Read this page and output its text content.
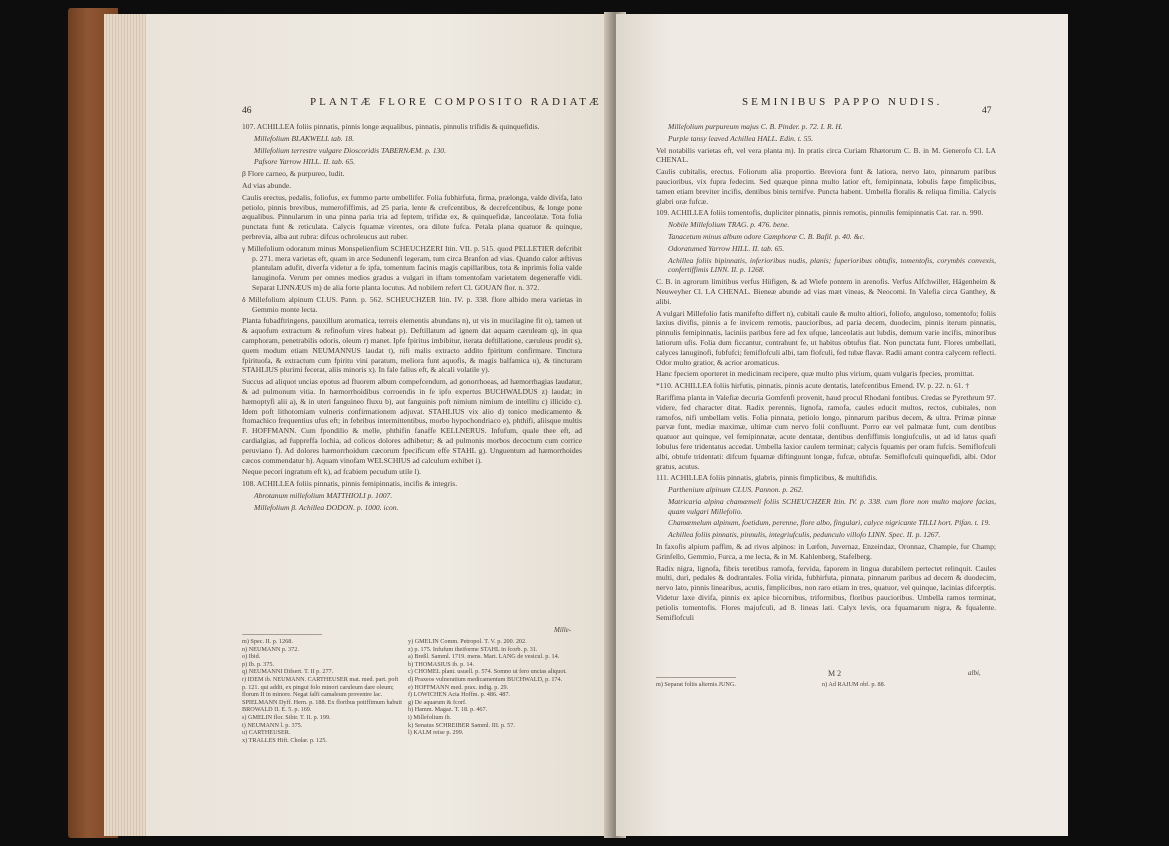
46
PLANTÆ FLORE COMPOSITO RADIATÆ

107. ACHILLEA foliis pinnatis, pinnis longe æqualibus, pinnatis, pinnulis trifidis & quinquefidis.

Millefolium BLAKWELL tab. 18.

Millefolium terrestre vulgare Dioscoridis TABERNÆM. p. 130.

Pafsore Yarrow HILL. II. tab. 65.

β Flore carneo, & purpureo, ludit.

Ad vias abunde.

Caulis erectus, pedalis, foliofus, ex fummo parte umbellifer. Folia fubhirfuta, firma, prælonga, valde divifa, lato petiolo, pinnis brevibus, numerofiffimis, ad 25 paria, lente & crefcentibus, & decrefcentibus, & longe pone æqualibus. Pinnularum in una pinna paria tria ad feptem, trifidæ ex, & quinquefidæ, lanceolatæ. Tota folia punctata funt & reticulata. Calycis fquamæ virentes, ora dilute fufca. Petala plana quatuor & quinque, perbrevia, alba aut rubra: difcus ochroleucus aut ruber.

γ Millefolium odoratum minus Monspelienfium SCHEUCHZERI Itin. VII. p. 515. quod PELLETIER defcribit p. 271. mera varietas eft, quam in arce Sedunenfi legeram, tum circa Branfon ad vias. Quando calor æftivus plantulam adufit, diverfa videtur a fe ipfa, tomentum facinis magis capillaribus, tota & inprimis folia valde lanuginofa. Verum per omnes medios gradus a vulgari in iftam tomentofam varietatem degeneraffe vidi. Separat LINNÆUS m) de alia forte planta locutus. Ad nobilem refert Cl. GOUAN flor. n. 372.

δ Millefolium alpinum CLUS. Pann. p. 562. SCHEUCHZER Itin. IV. p. 338. flore albido mera varietas in Gemmio monte lecta.

Planta fubadftringens, pauxillum aromatica, terreis elementis abundans n), ut vis in mucilagine fit o), tamen ut & aquofum extractum & refinofum vires habeat p). Deftillatum ad ignem dat aquam cæruleam q), in qua camphoram, penetrabilis odoris, oleum r) manet. Ipfe fpiritus imbibitur, iterata deftillatione, cæruleus prodit s), quem modum etiam NEUMANNUS laudat t), nifi malis extracto addito fpiritum confirmare. Tinctura fpirituofa, & extractum cum fpiritu vini paratum, meliora funt aquofis, & magis balfamica u), & tincturam STAHLIUS plurimi fecerat, aliis minoris x). In fale falius eft, & alcali volatile y).

Succus ad aliquot uncias epotus ad fluorem album compefcendum, ad gonorrhoeas, ad hæmorrhagias laudatur, & ad pulmonum vitia. In hæmorrhoidibus corroendis in fe ipfo expertus BUCHWALDUS z) laudat; in hæmoptyfi alii a), & in uteri fanguineo fluxu b), aut fanguinis poft nimium nimium de intellitu c) illicido c). Idem poft lithotomiam vulneris confirmationem adjuvat. STAHLIUS vix alio d) tonico medicamento & ftomachico frequentius ufus eft; in febribus intermittentibus, morbo hypochondriaco e), phthifi, aliisque multis F. HOFFMANN. Cum fpondilio & melle, phthifin fanaffe KELLNERUS. Infufum, quale thee eft, ad cardialgias, ad fuppreffa lochia, ad colicos dolores adhibetur; & ad pulmonis morbos decoctum cum corrice peruviano f). Ad dolores hæmorrhoidum cæcorum fpecificum effe STAHL g). Unguentum ad hæmorrhoides cæcos commendatur h). Aquam vinofam WELSCHIUS ad calculum exhibet i).

Neque pecori ingratum eft k), ad fcabiem pecudum utile l).

108. ACHILLEA foliis pinnatis, pinnis femipinnatis, incifis & integris.

Abrotanum millefolium MATTHIOLI p. 1007.

Millefolium β. Achillea DODON. p. 1000. icon.

Mille-

m) Spec. II. p. 1268.

n) NEUMANN p. 372.

o) Ibid.

p) Ib. p. 375.

q) NEUMANNI Difsert. T. II p. 277.

r) IDEM ib. NEUMANN. CARTHEUSER mat. med. part. poft p. 121. qui addit, ex pingui folo minori caruleum dare oleum; florum II in minore. Negat falfi camaleum proventre lac. SPIELMANN Dyff. Hern. p. 188. Ex floribus potiffimum habuit BROWALD II. E. 5. p. 169.

s) GMELIN flor. Sibir. T. II. p. 199.

t) NEUMANN l. p. 375.

u) CARTHEUSER.

x) TRALLES Hift. Cholar. p. 125.

y) GMELIN Comm. Petropol. T. V. p. 200. 202.

z) p. 175. Infufum theiforme STAHL in fcorb. p. 31.

a) Breßl. Samml. 1719. mens. Mart. LANG de vesicul. p. 14.

b) THOMASIUS ib. p. 14.

c) CHOMEL plant. usuell. p. 574. Somno ut fero uncias aliquot.

d) Praxeos vulneratium medicamentum BUCHWALD, p. 174.

e) HOFFMANN med. prax. indig. p. 29.

f) LOWICHEN Acta Hoffm. p. 486. 487.

g) De aquarum & fcorf.

h) Hamm. Magaz. T. 18. p. 467.

i) Millefolium ib.

k) Senatus SCHREIBER Samml. III. p. 57.

l) KALM reise p. 299.

SEMINIBUS PAPPO NUDIS.
47

Millefolium purpureum majus C. B. Pinder. p. 72. I. R. H.

Purple tansy leaved Achillea HALL. Edin. t. 55.

Vel notabilis varietas eft, vel vera planta m). In pratis circa Curiam Rhætorum C. B. in M. Generofo Cl. LA CHENAL.

Caulis cubitalis, erectus. Foliorum alia proportio. Breviora funt & latiora, nervo lato, pinnarum paribus paucioribus, vix fupra fedecim. Sed quæque pinna multo latior eft, femipinnata, lobulis fæpe fimplicibus, tamen etiam breviter incifis, dentibus binis ternifve. Puncta habent. Umbella floralis & reliqua fimilia. Calycis glabri oræ fufcæ.

109. ACHILLEA foliis tomentofis, dupliciter pinnatis, pinnis remotis, pinnulis femipinnatis Cat. rar. n. 990.

Nobile Millefolium TRAG. p. 476. bene.

Tanacetum minus album odore Camphoræ C. B. Bafil. p. 40. &c.

Odoratumed Yarrow HILL. II. tab. 65.

Achillea foliis bipinnatis, inferioribus nudis, planis; fuperioribus obtufis, tomentofis, corymbis convexis, confertiffimis LINN. II. p. 1268.

C. B. in agrorum limitibus verfus Hüfigen, & ad Wiefe pontem in arenofis. Verfus Alfchwiller, Hägenheim & Neuweyher Cl. LA CHENAL. Bieneæ abunde ad vias mæt vineas, & Neocomi. In Valefia circa Ganthey, & alibi.

A vulgari Millefolio fatis manifefto differt n), cubitali caule & multo altiori, foliofo, anguloso, tomentofo; foliis laxius divifis, pinnis a fe invicem remotis, paucioribus, ad paria decem, duodecim, pinnis iterum pinnatis, pinnulis femipinnatis, laciniis paribus fere ad fex ufque, lanceolatis aut lubdis, demum varie incifis, minoribus latiorum ufis. Folia dum ficcantur, contrahunt fe, ut habitus obtufus fiat. Non punctata funt. Flores umbellati, calyces lanuginofi, fubfufci; femiflofculi albi, tam flofculi, fed tubæ flavæ. Radii amant contra calycem reflecti. Odor multo gratior, & acrior aromaticus.

Hanc fpeciem oporteret in medicinam recipere, quæ multo plus virium, quam vulgaris fpecies, promittat.

*110. ACHILLEA foliis hirfutis, pinnatis, pinnis acute dentatis, latefcentibus Emend. IV. p. 22. n. 61. †

Rariffima planta in Valefiæ decuria Gomfenfi provenit, haud procul Rhodani fontibus. Credas se Pyrethrum 97. videre, fed character ditat. Radix perennis, lignofa, ramofa, caules educit multos, rectos, cubitales, non ramofos, nifi umbellam velis. Folia pinnata, petiolo longo, pinnarum paribus decem, & ultra. Primæ pinnæ parvæ funt, mediæ maximæ, ultimæ cum nervo folii confluunt. Porro eæ vel palmatæ funt, cum dentibus quatuor aut quinque, vel femipinnatæ, acute dentatæ, dentibus denfiffimis longiufculis, ut ad id latus quafi lobulus fere tridentatus accedat. Umbella laxior caulem terminat; calycis fquamis per oram fufcis. Semiflofculi albi, obtufe tridentati: difcum fquamæ diftinguunt longæ, fufcæ, obtufæ. Semiflofculi quinquefidi, albi. Odor gratus, acutus.

111. ACHILLEA foliis pinnatis, glabris, pinnis fimplicibus, & multifidis.

Parthenium alpinum CLUS. Pannon. p. 262.

Matricaria alpina chamæmeli foliis SCHEUCHZER Itin. IV. p. 338. cum flore non multo majore facias, quam vulgari Millefolio.

Chamæmelum alpinum, foetidum, perenne, flore albo, fingulari, calyce nigricante TILLI hort. Pifan. t. 19.

Achillea foliis pinnatis, pinnulis, integriufculis, pedunculo villofo LINN. Spec. II. p. 1267.

In faxofis alpium paffim, & ad rivos alpinos: in Lœfon, Juvernaz, Enzeindaz, Oronnaz, Champie, fur Champ; Grinfello, Gemmio, Furca, a me lecta, & in M. Kahlenberg, Stafelberg.

Radix nigra, lignofa, fibris teretibus ramofa, fervida, faporem in lingua durabilem pertectet relinquit. Caules multi, duri, pedales & dodrantales. Folia virida, fubhirfuta, pinnata, pinnarum paribus ad decem & duodecim, nervo lato, pinnis linearibus, acutis, fimplicibus, non raro etiam in tres, quatuor, vel quinque, lacinias difcerptis. Videtur laxe divifa, pinnis ex apice bicornibus, triformibus, floribus paucioribus. Umbella ramos terminat, petiolis tomentofis. Flores majufculi, ad 8. lineas lati. Calyx levis, ora fquamarum nigra, & fqualente. Semiflofculi

M 2	albi,

m) Separat foliis alternis JUNG.	n) Ad RAJUM obf. p. 88.
